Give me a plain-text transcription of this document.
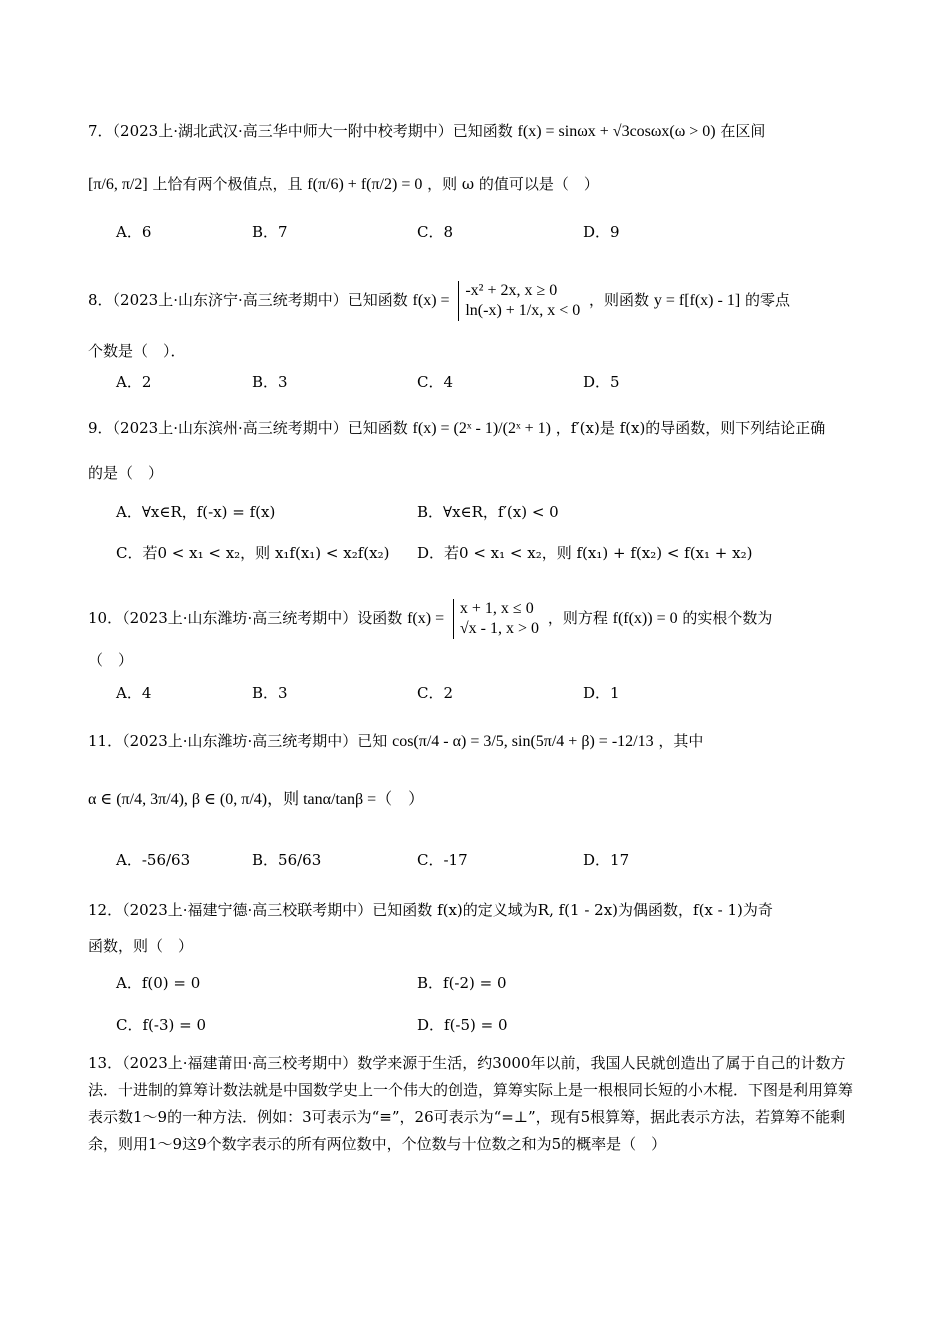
7．（2023上·湖北武汉·高三华中师大一附中校考期中）已知函数 f(x) = sinωx + √3cosωx(ω > 0) 在区间
[π/6, π/2] 上恰有两个极值点，且 f(π/6) + f(π/2) = 0 ，则 ω 的值可以是（　）
A．6	B．7	C．8	D．9
8．（2023上·山东济宁·高三统考期中）已知函数 f(x) =
-x² + 2x, x ≥ 0
ln(-x) + 1/x, x < 0
，则函数 y = f[f(x) - 1] 的零点
个数是（　）．
A．2	B．3	C．4	D．5
9．（2023上·山东滨州·高三统考期中）已知函数 f(x) = (2ˣ - 1)/(2ˣ + 1) ，f′(x)是 f(x)的导函数，则下列结论正确
的是（　）
A．∀x∈R，f(-x) = f(x)	B．∀x∈R，f′(x) < 0
C．若0 < x₁ < x₂，则 x₁f(x₁) < x₂f(x₂) D．若0 < x₁ < x₂，则 f(x₁) + f(x₂) < f(x₁ + x₂)
10．（2023上·山东潍坊·高三统考期中）设函数 f(x) =
x + 1, x ≤ 0
√x - 1, x > 0
，则方程 f(f(x)) = 0 的实根个数为
（　）
A．4	B．3	C．2	D．1
11．（2023上·山东潍坊·高三统考期中）已知 cos(π/4 - α) = 3/5, sin(5π/4 + β) = -12/13 ，其中
α ∈ (π/4, 3π/4), β ∈ (0, π/4)，则 tanα/tanβ =（　）
A．-56/63	B．56/63	C．-17	D．17
12．（2023上·福建宁德·高三校联考期中）已知函数 f(x)的定义域为R, f(1 - 2x)为偶函数，f(x - 1)为奇
函数，则（　）
A．f(0) = 0	B．f(-2) = 0
C．f(-3) = 0	D．f(-5) = 0
13．（2023上·福建莆田·高三校考期中）数学来源于生活，约3000年以前，我国人民就创造出了属于自己的计数方法．十进制的算筹计数法就是中国数学史上一个伟大的创造，算筹实际上是一根根同长短的小木棍．下图是利用算筹表示数1～9的一种方法．例如：3可表示为“≡”，26可表示为“=⊥”，现有5根算筹，据此表示方法，若算筹不能剩余，则用1～9这9个数字表示的所有两位数中，个位数与十位数之和为5的概率是（　）
